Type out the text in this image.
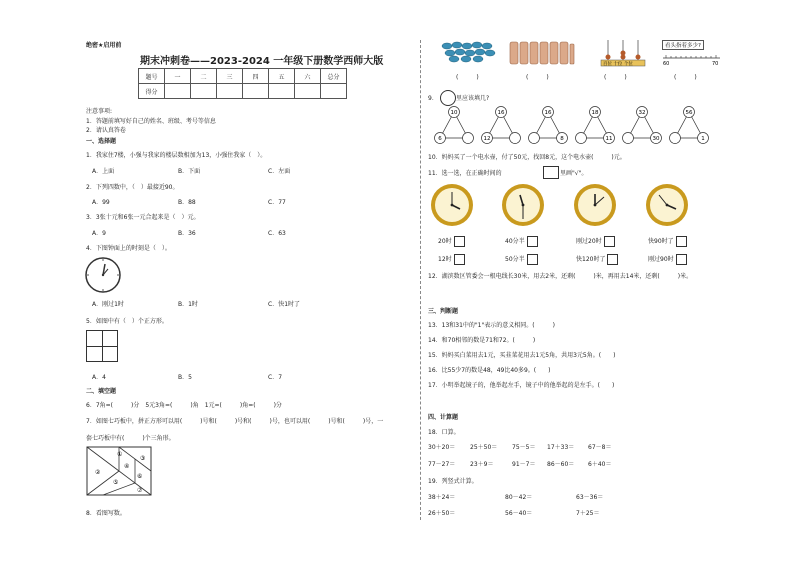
绝密★启用前
期末冲刺卷——2023-2024 一年级下册数学西师大版
题号	一	二	三	四	五	六	总分
得分							
注意事项:
1．答题前填写好自己的姓名、班级、考号等信息
2．请认真答卷
一、选择题
1．我家住7楼，小强与我家的楼层数相加为13，小强住我家（　）。
A．上面	B．下面	C．左面
2．下列四数中，（　）最接近90。
A．99	B．88	C．77
3．3张十元和6张一元合起来是（　）元。
A．9	B．36	C．63
4．下图钟面上的时刻是（　）。
A．刚过1时	B．1时	C．快1时了
5．如图中有（　）个正方形。
A．4	B．5	C．7
二、填空题
6．7角=(　　　)分　5元3角=(　　　)角　1元=(　　　)角=(　　　)分
7．如图七巧板中，拼正方形可以用(　　　)号和(　　　)号和(　　　)号，也可以用(　　　)号和(　　　)号，一
套七巧板中有(　　　)个三角形。
①
②
③
④
⑤
⑥
⑦
8．看图写数。
百位 十位 个位
看头指着多少?
60	70
(　　　)	(　　　)	(　　　)	(　　　)
9．	里应该填几?
10
6
16
12
16
8
18
11
32
30
56
1
10．妈妈买了一个电水壶，付了50元，找回8元，这个电水壶(　　　)元。
11．选一选，在正确时间的	里画"√"。
20时	40分半	刚过20时	快90时了
12时	50分半	快120时了	刚过90时
12．湖滨数区管委会一根电线长30米，用去2米，还剩(　　　)米，再用去14米，还剩(　　　)米。
三、判断题
13．13和31中的"1"表示的意义相同。(　　　)
14．和70相邻的数是71和72。(　　　)
15．妈妈买白菜用去1元，买韭菜花用去1元5角，共用3元5角。(　　)
16．比55少7的数是48，49比40多9。(　　)
17．小明举起镜子的，他举起左手，镜子中的他举起的是左手。(　　)
四、计算题
18．口算。
30＋20＝ 25＋50＝ 75－5＝ 17＋33＝ 67－8＝
77－27＝ 23＋9＝	91－7＝ 86－60＝ 6＋40＝
19．列竖式计算。
38＋24＝	80－42＝	63－36＝
26＋50＝	56－40＝	7＋25＝
